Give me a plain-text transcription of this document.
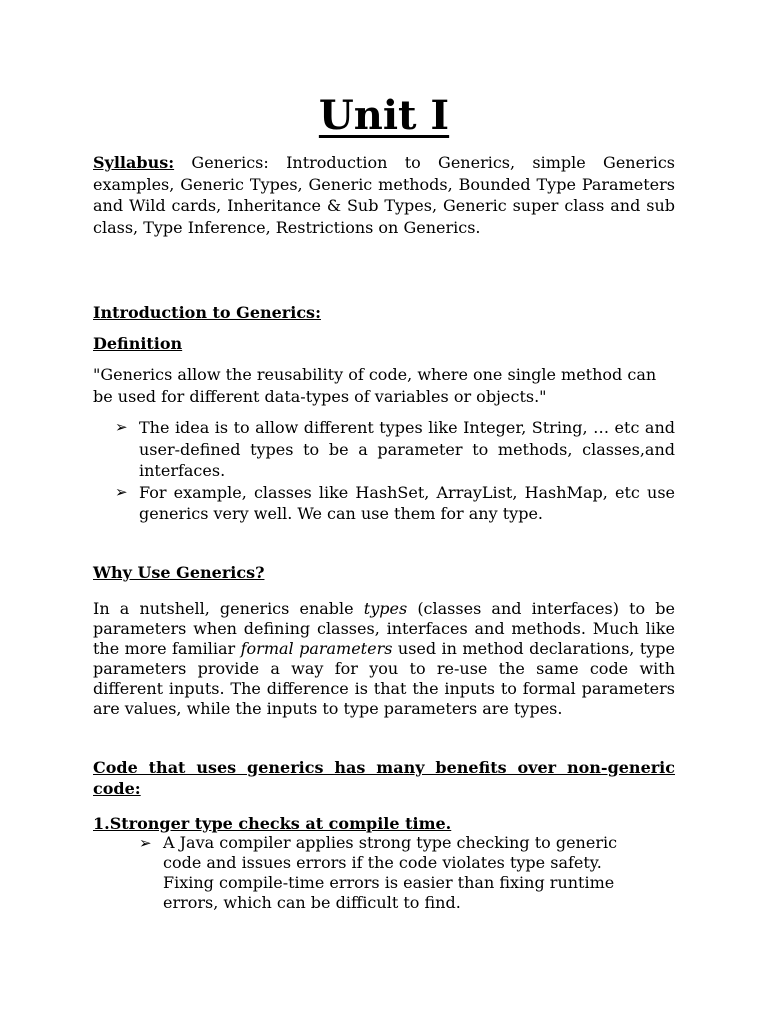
Unit I
Syllabus: Generics: Introduction to Generics, simple Generics examples, Generic Types, Generic methods, Bounded Type Parameters and Wild cards, Inheritance & Sub Types, Generic super class and sub class, Type Inference, Restrictions on Generics.
Introduction to Generics:
Definition
"Generics allow the reusability of code, where one single method can be used for different data-types of variables or objects."
➢ The idea is to allow different types like Integer, String, … etc and user-defined types to be a parameter to methods, classes,and interfaces.
➢ For example, classes like HashSet, ArrayList, HashMap, etc use generics very well. We can use them for any type.
Why Use Generics?
In a nutshell, generics enable types (classes and interfaces) to be parameters when defining classes, interfaces and methods. Much like the more familiar formal parameters used in method declarations, type parameters provide a way for you to re-use the same code with different inputs. The difference is that the inputs to formal parameters are values, while the inputs to type parameters are types.
Code that uses generics has many benefits over non-generic code:
1.Stronger type checks at compile time.
➢ A Java compiler applies strong type checking to generic code and issues errors if the code violates type safety. Fixing compile-time errors is easier than fixing runtime errors, which can be difficult to find.
